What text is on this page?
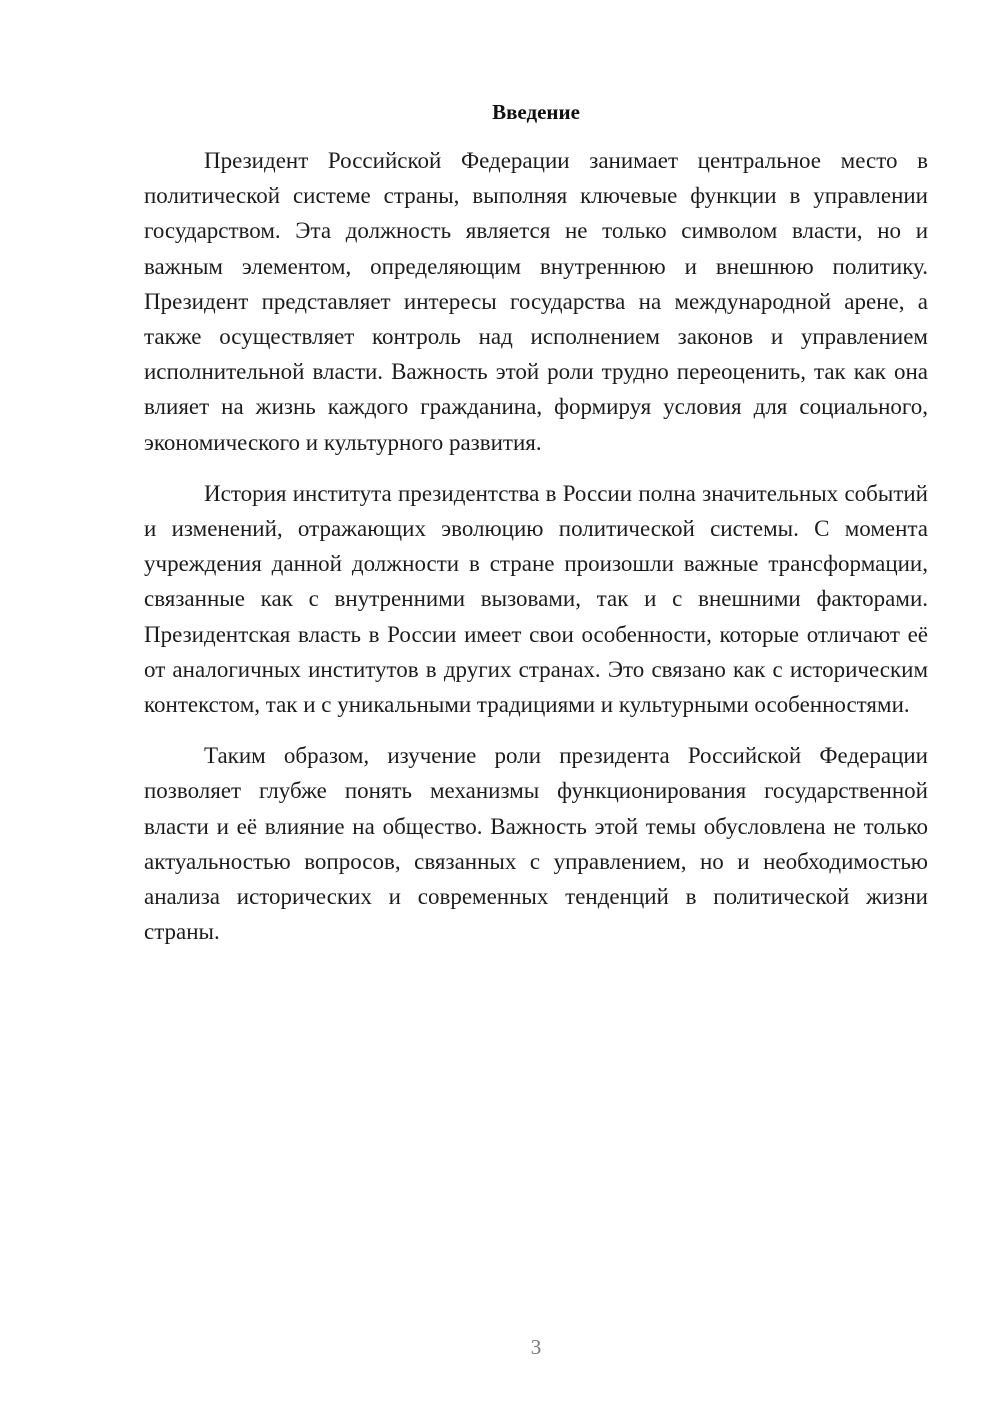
Введение

Президент Российской Федерации занимает центральное место в политической системе страны, выполняя ключевые функции в управлении государством. Эта должность является не только символом власти, но и важным элементом, определяющим внутреннюю и внешнюю политику. Президент представляет интересы государства на международной арене, а также осуществляет контроль над исполнением законов и управлением исполнительной власти. Важность этой роли трудно переоценить, так как она влияет на жизнь каждого гражданина, формируя условия для социального, экономического и культурного развития.

История института президентства в России полна значительных событий и изменений, отражающих эволюцию политической системы. С момента учреждения данной должности в стране произошли важные трансформации, связанные как с внутренними вызовами, так и с внешними факторами. Президентская власть в России имеет свои особенности, которые отличают её от аналогичных институтов в других странах. Это связано как с историческим контекстом, так и с уникальными традициями и культурными особенностями.

Таким образом, изучение роли президента Российской Федерации позволяет глубже понять механизмы функционирования государственной власти и её влияние на общество. Важность этой темы обусловлена не только актуальностью вопросов, связанных с управлением, но и необходимостью анализа исторических и современных тенденций в политической жизни страны.

3
